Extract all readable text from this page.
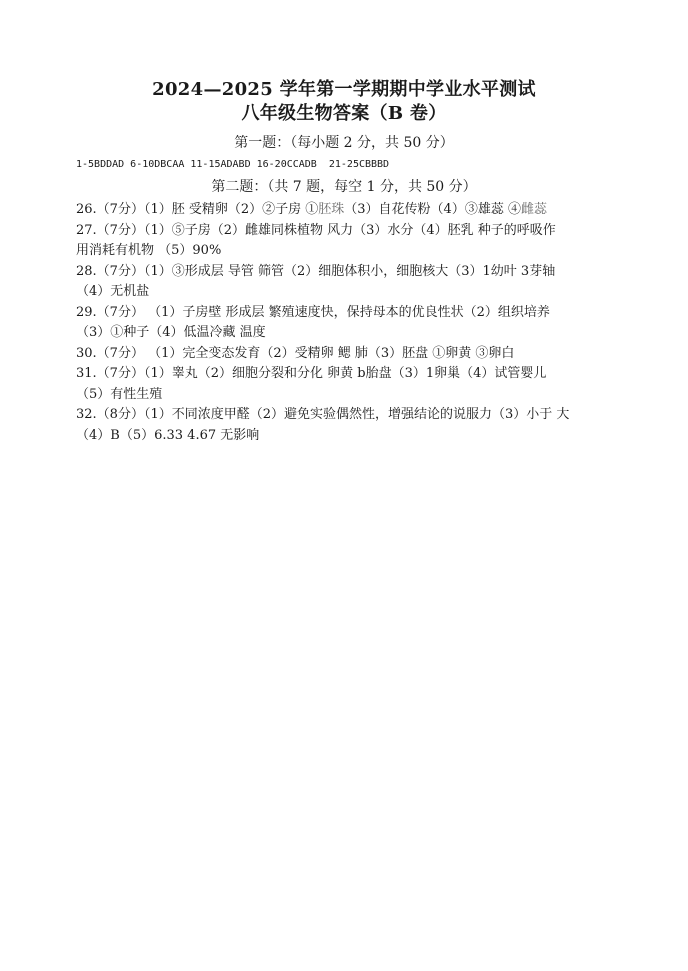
2024—2025 学年第一学期期中学业水平测试
八年级生物答案（B 卷）
第一题：（每小题 2 分，共 50 分）
1-5BDDAD 6-10DBCAA 11-15ADABD 16-20CCADB  21-25CBBBD
第二题：（共 7 题，每空 1 分，共 50 分）
26.（7分）（1）胚 受精卵（2）②子房 ①胚珠（3）自花传粉（4）③雄蕊 ④雌蕊
27.（7分）（1）⑤子房（2）雌雄同株植物 风力（3）水分（4）胚乳 种子的呼吸作
用消耗有机物 （5）90%
28.（7分）（1）③形成层 导管 筛管（2）细胞体积小，细胞核大（3）1幼叶 3芽轴
（4）无机盐
29.（7分） （1）子房壁 形成层 繁殖速度快，保持母本的优良性状（2）组织培养
（3）①种子（4）低温冷藏 温度
30.（7分） （1）完全变态发育（2）受精卵 鳃 肺（3）胚盘 ①卵黄 ③卵白
31.（7分）（1）睾丸（2）细胞分裂和分化 卵黄 b胎盘（3）1卵巢（4）试管婴儿
（5）有性生殖
32.（8分）（1）不同浓度甲醛（2）避免实验偶然性，增强结论的说服力（3）小于 大
（4）B（5）6.33 4.67 无影响
